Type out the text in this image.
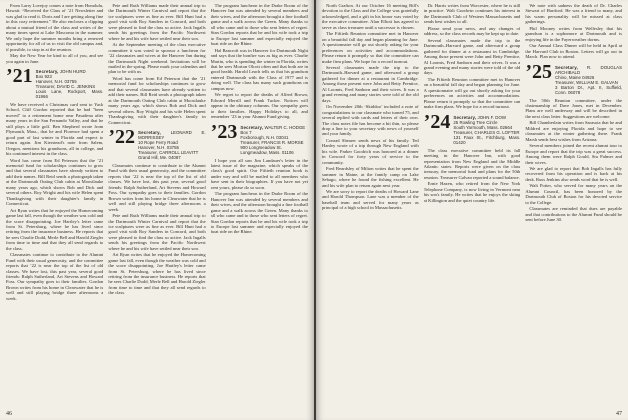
From Larry Lovejoy comes a note from Honolulu, Hawaii: “Received the Class of ’21 Newsletter and was glad to read it. Doris and I are getting along fine in this cozy retirement.” He also encloses a clipping about a mutual friend of the class and writes of the many times spent at Lake Mascoma in the summer. We only hope the summer months bring a renewed opportunity for all of us to visit the old campus and, if possible, to stop in at the reunion.

May the New Year be kind to all of you, and see you again in June.

’21 Secretary, JOHN HURD
Box 923
Hanover, N.H. 03755
Treasurer, DAVID C. JENKINS
Louis Lane, Rockport, Mass. 01966

We have received a Christmas card sent to Yack School, Cliff Gordon reported that he had "been moved" to a retirement home near Pasadena after many years in the San Fernando Valley, and that he still plays a little golf. Ben Shepherd wrote from Plymouth, Mass., that he and Florence had spent a good part of last winter in Florida and expect to return again. Jim Kierstead's note from Salem, Oregon, mentions his grandsons, all in college, and his continued interest in the class.

Word has come from Ed Peterson that the ’21 memorial fund for scholarships continues to grow and that several classmates have already written to add their names. Bill Reid sends a photograph taken at the Dartmouth Outing Club cabin at Moosilauke many years ago, which shows Bob and Dick and several others. Roy Wright and his wife Helen spent Thanksgiving with their daughter's family in Connecticut.

Art Ryan writes that he enjoyed the Homecoming game last fall, even though the weather was cold and the score disappointing. Joe Hartley's letter came from St. Petersburg, where he has lived since retiring from the insurance business. He reports that he sees Charlie Dodd, Merle Bell and Harold Ziegler from time to time and that they all send regards to the class.

Classmates continue to contribute to the Alumni Fund with their usual generosity, and the committee reports that ’22 is near the top of the list of old classes. We have lost, this past year, several good friends: Ralph Sutherland, Art Stevens and Howard Foss. Our sympathy goes to their families. Gordon Brown writes from his home in Clearwater that he is well and still playing bridge three afternoons a week.

Pete and Ruth Williams made their annual trip to the Dartmouth Winter Carnival and report that the ice sculptures were as fine as ever. Bill Hunt had a good visit with Roy Sanders in Concord, and both were pleased to find the class so active. Jack Ingalls sends his greetings from the Pacific Northwest where he and his wife have settled near their son.

At the September meeting of the class executive committee it was voted to sponsor a luncheon for ’22 classmates and wives at the Hanover Inn during the Dartmouth Night weekend. Invitations will be mailed in the spring. Please mark your calendars and plan to be with us.

Word has come from Ed Peterson that the ’21 memorial fund for scholarships continues to grow and that several classmates have already written to add their names. Bill Reid sends a photograph taken at the Dartmouth Outing Club cabin at Moosilauke many years ago, which shows Bob and Dick and several others. Roy Wright and his wife Helen spent Thanksgiving with their daughter's family in Connecticut.

’22 Secretary, LEONARD E. MORRISSEY
10 Rope Ferry Road
Hanover, N.H. 03755
Treasurer, CARROLL LEAVITT
Grand Hill, Me. 04087

Classmates continue to contribute to the Alumni Fund with their usual generosity, and the committee reports that ’22 is near the top of the list of old classes. We have lost, this past year, several good friends: Ralph Sutherland, Art Stevens and Howard Foss. Our sympathy goes to their families. Gordon Brown writes from his home in Clearwater that he is well and still playing bridge three afternoons a week.

Pete and Ruth Williams made their annual trip to the Dartmouth Winter Carnival and report that the ice sculptures were as fine as ever. Bill Hunt had a good visit with Roy Sanders in Concord, and both were pleased to find the class so active. Jack Ingalls sends his greetings from the Pacific Northwest where he and his wife have settled near their son.

Art Ryan writes that he enjoyed the Homecoming game last fall, even though the weather was cold and the score disappointing. Joe Hartley's letter came from St. Petersburg, where he has lived since retiring from the insurance business. He reports that he sees Charlie Dodd, Merle Bell and Harold Ziegler from time to time and that they all send regards to the class.

The program luncheon in the Drake Room of the Hanover Inn was attended by several members and their wives, and the afternoon brought a fine football game and a walk across the Green. Many thanks to all who came and to those who sent letters of regret. Stan Gordon reports that he and his wife took a trip to Europe last summer and especially enjoyed the boat ride on the Rhine.

Hal Bancroft was in Hanover for Dartmouth Night and says that the bonfire was as big as ever. Charlie Martin, who is spending the winter in Florida, writes that he sees Morton Olcott often and that both are in good health. Harold Leach tells us that his grandson entered Dartmouth with the Class of 1977 and is doing well. The class has many such grandsons on campus now.

We regret to report the deaths of Alfred Brown, Edward Merrill and Frank Tucker. Notices will appear in the obituary columns. Our sympathy goes to their families. Happy Holidays to all, and remember ’23 in your Alumni Fund giving.

’23 Secretary, WALTER C. HODGE
Box 7
Foxborough, N.H. 03041
Treasurer, FRANCIS R. MORSE
900 Longmeadow St.
Longmeadow, Mass. 01106

I hope you all saw Jim Landauer's letter in the latest issue of the magazine, which speaks of the class's good spirit. Our Fiftieth reunion book is under way and will be mailed to all members who have sent in their biographies. If you have not yet sent yours, please do so soon.

The program luncheon in the Drake Room of the Hanover Inn was attended by several members and their wives, and the afternoon brought a fine football game and a walk across the Green. Many thanks to all who came and to those who sent letters of regret. Stan Gordon reports that he and his wife took a trip to Europe last summer and especially enjoyed the boat ride on the Rhine.

46

North Grafton. At our October 16 meeting Bill's devotion to the Class and the College was gratefully acknowledged, and a gift in his honor was voted by the executive committee. Alan Elliott has agreed to serve as class treasurer until a successor is chosen.

The Fiftieth Reunion committee met in Hanover on a beautiful fall day and began planning for June. A questionnaire will go out shortly asking for your preferences on activities and accommodations. Please return it promptly so that the committee can make firm plans. We hope for a record turnout.

Several classmates made the trip to the Dartmouth–Harvard game, and afterward a group gathered for dinner at a restaurant in Cambridge. Among those present were John and Betty Prentice, Al Loomis, Fred Sanborn and their wives. It was a grand evening and many stories were told of the old days.

On November 20th ‘Skiddoo’ included a note of congratulations to our classmate who turned 75, and several replied with cards and letters of their own. The class notes file has become a bit thin, so please drop a line to your secretary with news of yourself and your family.

Conrad Shearer sends news of his family. Ted Hanley wrote of a trip through New England with his wife. Parker Goodrich was honored at a dinner in Concord for forty years of service to the community.

Fred Beardsley of Milton writes that he spent the summer in Maine, at the family camp on Lake Sebago, where he found the fishing excellent. He and his wife plan to return again next year.

We are sorry to report the deaths of Howard Lane and Harold Thompson. Lane was a member of the baseball team and served for many years as principal of a high school in Massachusetts.

Dr. Harris writes from Worcester, where he is still in practice. Walt Goodwin continues his interest in the Dartmouth Club of Western Massachusetts and sends best wishes to all.

Please send your news, and any changes of address, so the class records may be kept up to date.

Several classmates made the trip to the Dartmouth–Harvard game, and afterward a group gathered for dinner at a restaurant in Cambridge. Among those present were John and Betty Prentice, Al Loomis, Fred Sanborn and their wives. It was a grand evening and many stories were told of the old days.

The Fiftieth Reunion committee met in Hanover on a beautiful fall day and began planning for June. A questionnaire will go out shortly asking for your preferences on activities and accommodations. Please return it promptly so that the committee can make firm plans. We hope for a record turnout.

’24 Secretary, JOHN F. DOW
25 Rowling Tree Circle
South Yarmouth, Mass. 02664
Treasurer, CHARLES G. LOFTER
131 Faux St., Fitchburg, Mass. 01420

The class executive committee held its fall meeting in the Hanover Inn, with good representation from New England and the Middle Atlantic states. Reports were given on the class treasury, the memorial fund and plans for the 50th reunion. Treasurer Galvan reported a sound balance.

Ernie Hazen, who retired from the New York Telephone Company, is now living in Vermont near his son's family. He writes that he enjoys the skiing at Killington and the quiet country life.

We note with sadness the death of Dr. Charles Stewart of Hartford. He was a friend to many, and his warm personality will be missed at class gatherings.

Phil Mooney writes from Wellesley that his grandson is a sophomore at Dartmouth and is enjoying life in the Fayerweather dorms.

Our Annual Class Dinner will be held in April at the Harvard Club in Boston. Letters will go out in March. Plan now to attend.

’25 Secretary, R. DOUGLAS ARCHIBALD
Chino, Maine 04926
Treasurer, WILLIAM E. GALVAN
3 Barton Dr., Apt. II, Suffield, Conn. 06078

The 50th Reunion committee, under the chairmanship of Dave Jones, met in December. Plans are well underway and will be described in the next class letter. Suggestions are welcome.

Bill Chamberlain writes from Sarasota that he and Mildred are enjoying Florida and hope to see classmates at the winter gathering there. Frank Marsh sends best wishes from Arizona.

Several members joined the recent alumni tour to Europe and report that the trip was a great success. Among them were Ralph Gould, Stu Palmer and their wives.

We are glad to report that Bob Ingalls has fully recovered from his operation and is back at his desk. Russ Jenkins also sends word that he is well.

Walt Potter, who served for many years on the Alumni Council, has been honored by the Dartmouth Club of Boston for his devoted service to the College.

Classmates are reminded that dues are payable and that contributions to the Alumni Fund should be sent before June 30.

47
